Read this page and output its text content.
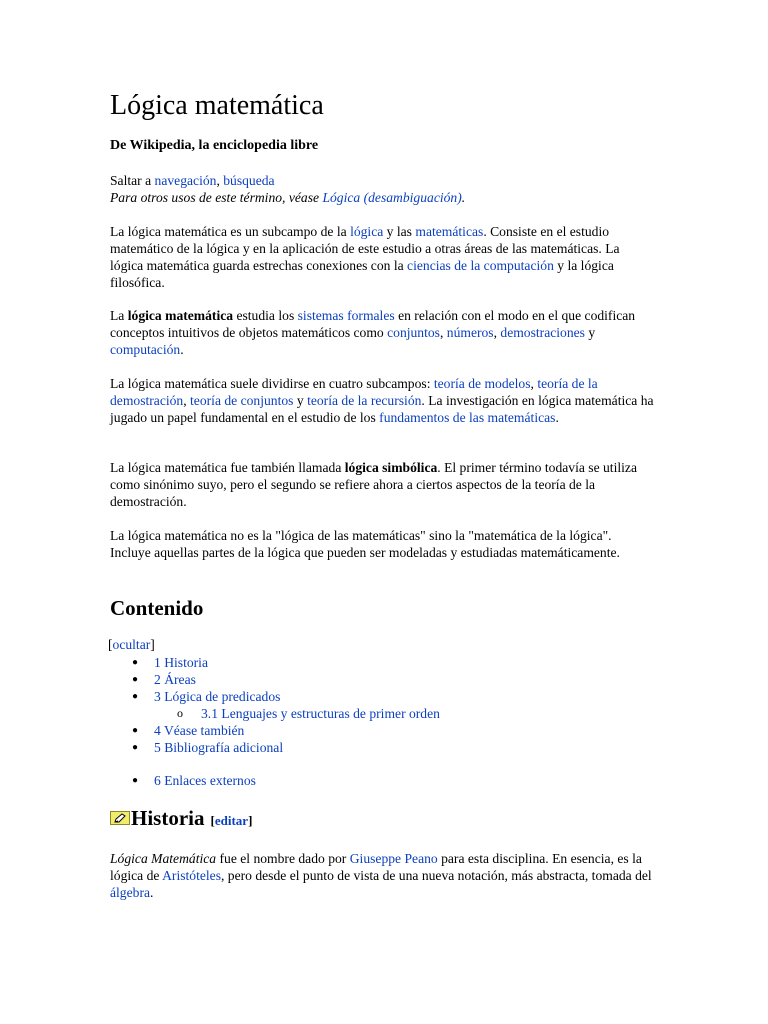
Lógica matemática
De Wikipedia, la enciclopedia libre
Saltar a navegación, búsqueda
Para otros usos de este término, véase Lógica (desambiguación).

La lógica matemática es un subcampo de la lógica y las matemáticas. Consiste en el estudio matemático de la lógica y en la aplicación de este estudio a otras áreas de las matemáticas. La lógica matemática guarda estrechas conexiones con la ciencias de la computación y la lógica filosófica.

La lógica matemática estudia los sistemas formales en relación con el modo en el que codifican conceptos intuitivos de objetos matemáticos como conjuntos, números, demostraciones y computación.

La lógica matemática suele dividirse en cuatro subcampos: teoría de modelos, teoría de la demostración, teoría de conjuntos y teoría de la recursión. La investigación en lógica matemática ha jugado un papel fundamental en el estudio de los fundamentos de las matemáticas.

La lógica matemática fue también llamada lógica simbólica. El primer término todavía se utiliza como sinónimo suyo, pero el segundo se refiere ahora a ciertos aspectos de la teoría de la demostración.

La lógica matemática no es la "lógica de las matemáticas" sino la "matemática de la lógica". Incluye aquellas partes de la lógica que pueden ser modeladas y estudiadas matemáticamente.

Contenido
[ocultar]
● 1 Historia
● 2 Áreas
● 3 Lógica de predicados
o 3.1 Lenguajes y estructuras de primer orden
● 4 Véase también
● 5 Bibliografía adicional
● 6 Enlaces externos
Historia [editar]

Lógica Matemática fue el nombre dado por Giuseppe Peano para esta disciplina. En esencia, es la lógica de Aristóteles, pero desde el punto de vista de una nueva notación, más abstracta, tomada del álgebra.
